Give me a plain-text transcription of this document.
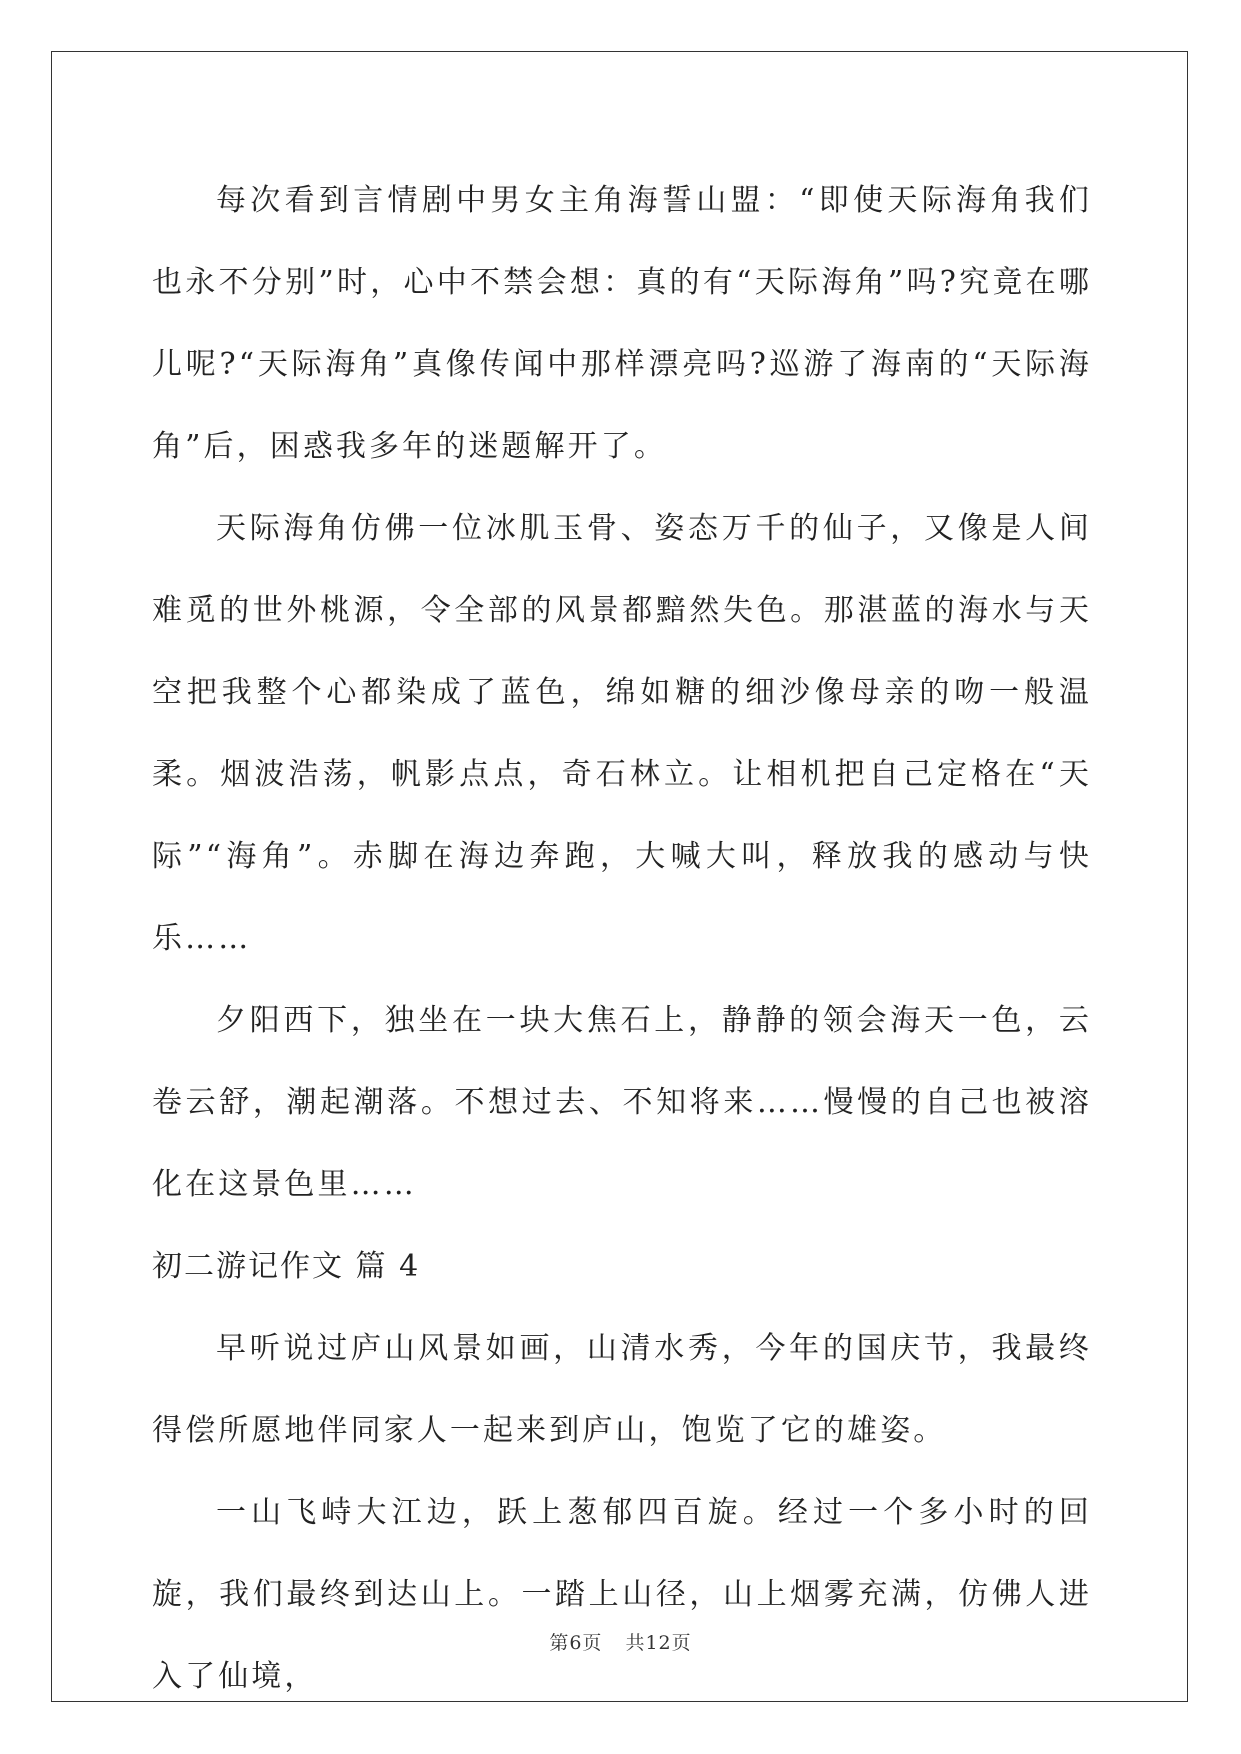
每次看到言情剧中男女主角海誓山盟：“即使天际海角我们也永不分别”时，心中不禁会想：真的有“天际海角”吗?究竟在哪儿呢?“天际海角”真像传闻中那样漂亮吗?巡游了海南的“天际海角”后，困惑我多年的迷题解开了。

天际海角仿佛一位冰肌玉骨、姿态万千的仙子，又像是人间难觅的世外桃源，令全部的风景都黯然失色。那湛蓝的海水与天空把我整个心都染成了蓝色，绵如糖的细沙像母亲的吻一般温柔。烟波浩荡，帆影点点，奇石林立。让相机把自己定格在“天际”“海角”。赤脚在海边奔跑，大喊大叫，释放我的感动与快乐……

夕阳西下，独坐在一块大焦石上，静静的领会海天一色，云卷云舒，潮起潮落。不想过去、不知将来……慢慢的自己也被溶化在这景色里……

初二游记作文 篇 4

早听说过庐山风景如画，山清水秀，今年的国庆节，我最终得偿所愿地伴同家人一起来到庐山，饱览了它的雄姿。

一山飞峙大江边，跃上葱郁四百旋。经过一个多小时的回旋，我们最终到达山上。一踏上山径，山上烟雾充满，仿佛人进入了仙境，

第6页 共12页
